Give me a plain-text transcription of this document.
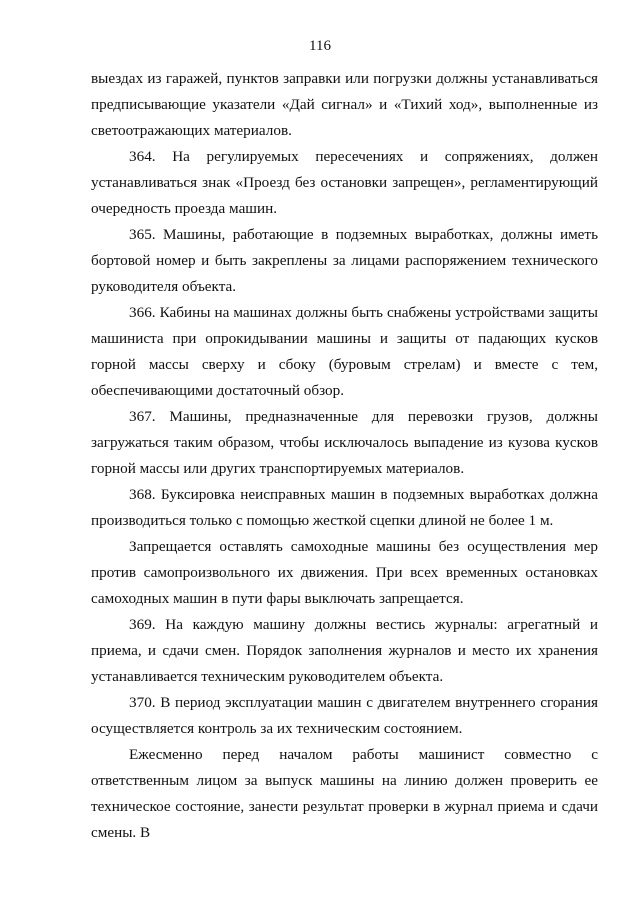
116

выездах из гаражей, пунктов заправки или погрузки должны устанавливаться предписывающие указатели «Дай сигнал» и «Тихий ход», выполненные из светоотражающих материалов.

364. На регулируемых пересечениях и сопряжениях, должен устанавливаться знак «Проезд без остановки запрещен», регламентирующий очередность проезда машин.

365. Машины, работающие в подземных выработках, должны иметь бортовой номер и быть закреплены за лицами распоряжением технического руководителя объекта.

366. Кабины на машинах должны быть снабжены устройствами защиты машиниста при опрокидывании машины и защиты от падающих кусков горной массы сверху и сбоку (буровым стрелам) и вместе с тем, обеспечивающими достаточный обзор.

367. Машины, предназначенные для перевозки грузов, должны загружаться таким образом, чтобы исключалось выпадение из кузова кусков горной массы или других транспортируемых материалов.

368. Буксировка неисправных машин в подземных выработках должна производиться только с помощью жесткой сцепки длиной не более 1 м.

Запрещается оставлять самоходные машины без осуществления мер против самопроизвольного их движения. При всех временных остановках самоходных машин в пути фары выключать запрещается.

369. На каждую машину должны вестись журналы: агрегатный и приема, и сдачи смен. Порядок заполнения журналов и место их хранения устанавливается техническим руководителем объекта.

370. В период эксплуатации машин с двигателем внутреннего сгорания осуществляется контроль за их техническим состоянием.

Ежесменно перед началом работы машинист совместно с ответственным лицом за выпуск машины на линию должен проверить ее техническое состояние, занести результат проверки в журнал приема и сдачи смены. В
